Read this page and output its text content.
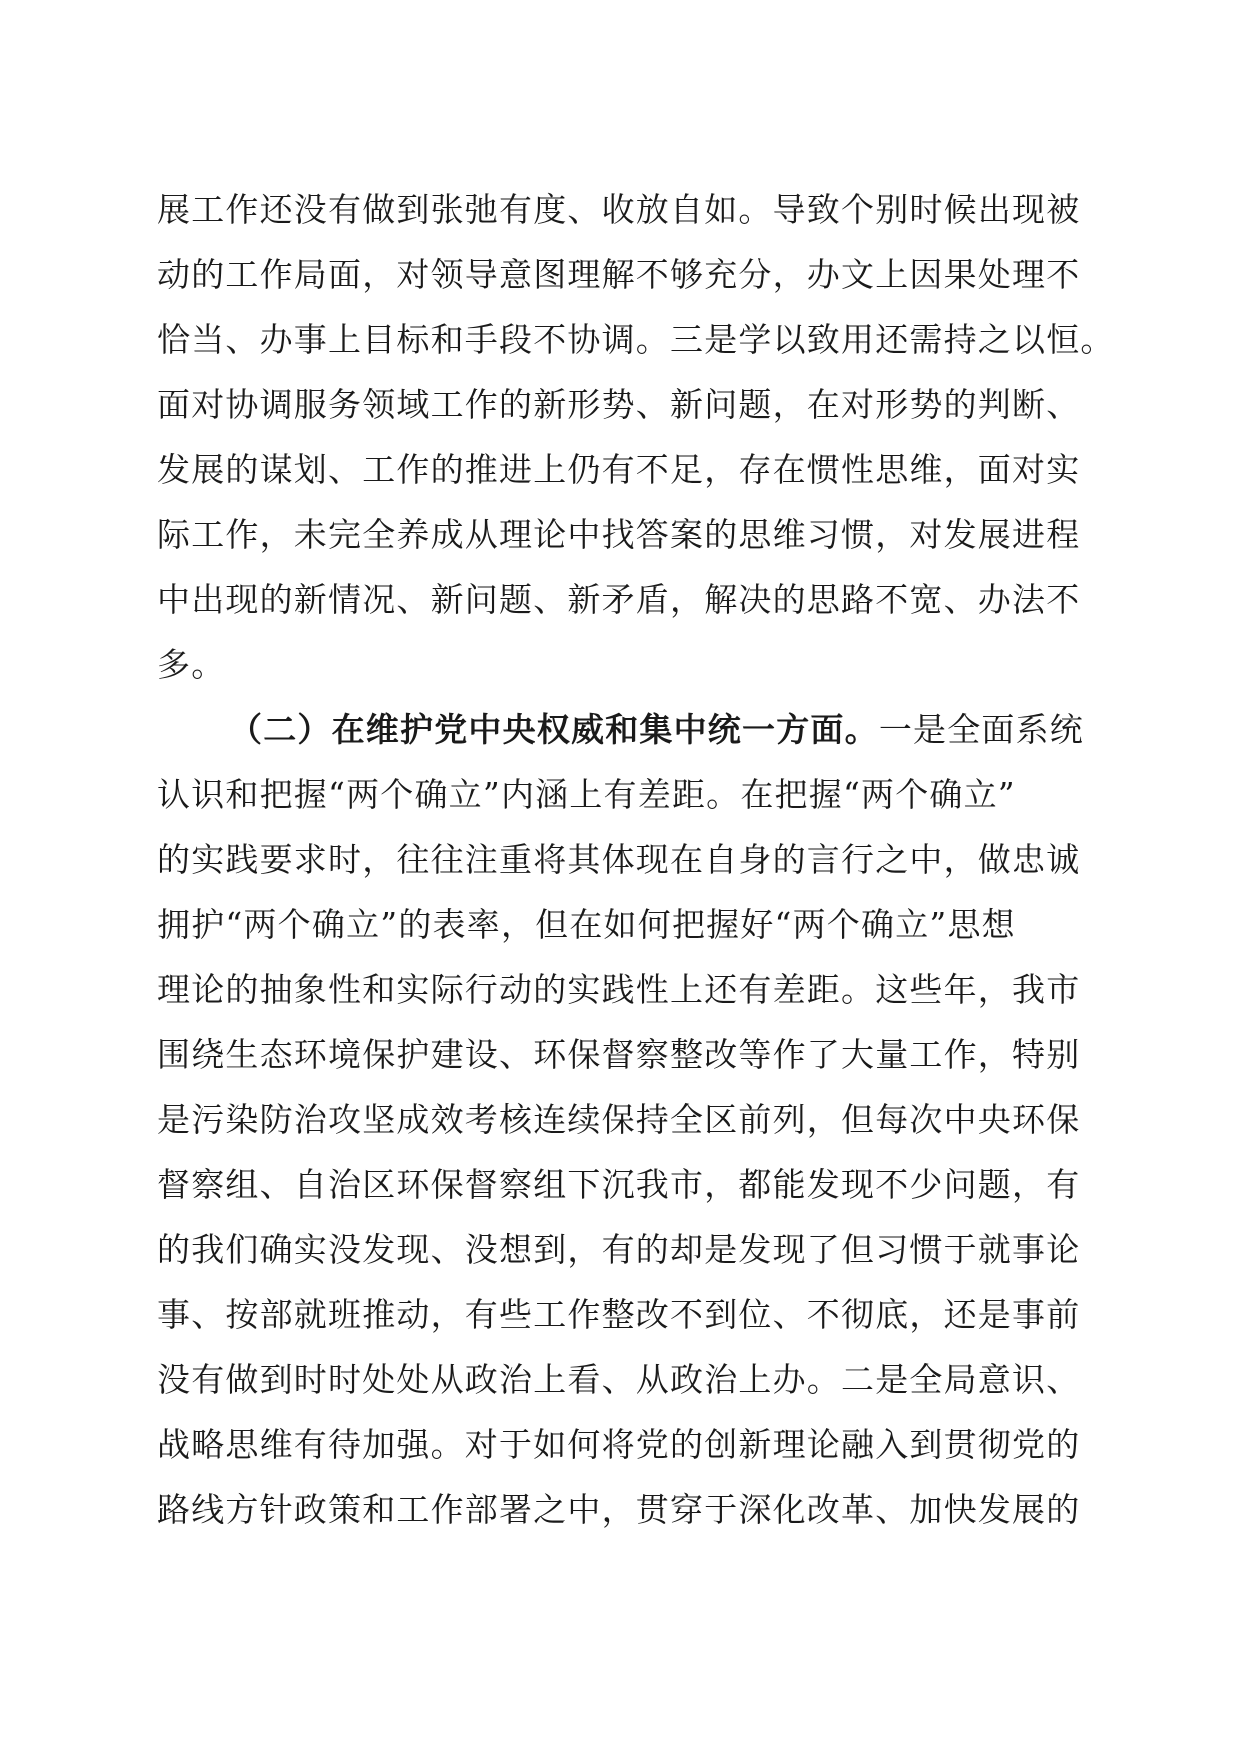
展工作还没有做到张弛有度、收放自如。导致个别时候出现被
动的工作局面，对领导意图理解不够充分，办文上因果处理不
恰当、办事上目标和手段不协调。三是学以致用还需持之以恒。
面对协调服务领域工作的新形势、新问题，在对形势的判断、
发展的谋划、工作的推进上仍有不足，存在惯性思维，面对实
际工作，未完全养成从理论中找答案的思维习惯，对发展进程
中出现的新情况、新问题、新矛盾，解决的思路不宽、办法不
多。
（二）在维护党中央权威和集中统一方面。一是全面系统
认识和把握“两个确立”内涵上有差距。在把握“两个确立”
的实践要求时，往往注重将其体现在自身的言行之中，做忠诚
拥护“两个确立”的表率，但在如何把握好“两个确立”思想
理论的抽象性和实际行动的实践性上还有差距。这些年，我市
围绕生态环境保护建设、环保督察整改等作了大量工作，特别
是污染防治攻坚成效考核连续保持全区前列，但每次中央环保
督察组、自治区环保督察组下沉我市，都能发现不少问题，有
的我们确实没发现、没想到，有的却是发现了但习惯于就事论
事、按部就班推动，有些工作整改不到位、不彻底，还是事前
没有做到时时处处从政治上看、从政治上办。二是全局意识、
战略思维有待加强。对于如何将党的创新理论融入到贯彻党的
路线方针政策和工作部署之中，贯穿于深化改革、加快发展的
